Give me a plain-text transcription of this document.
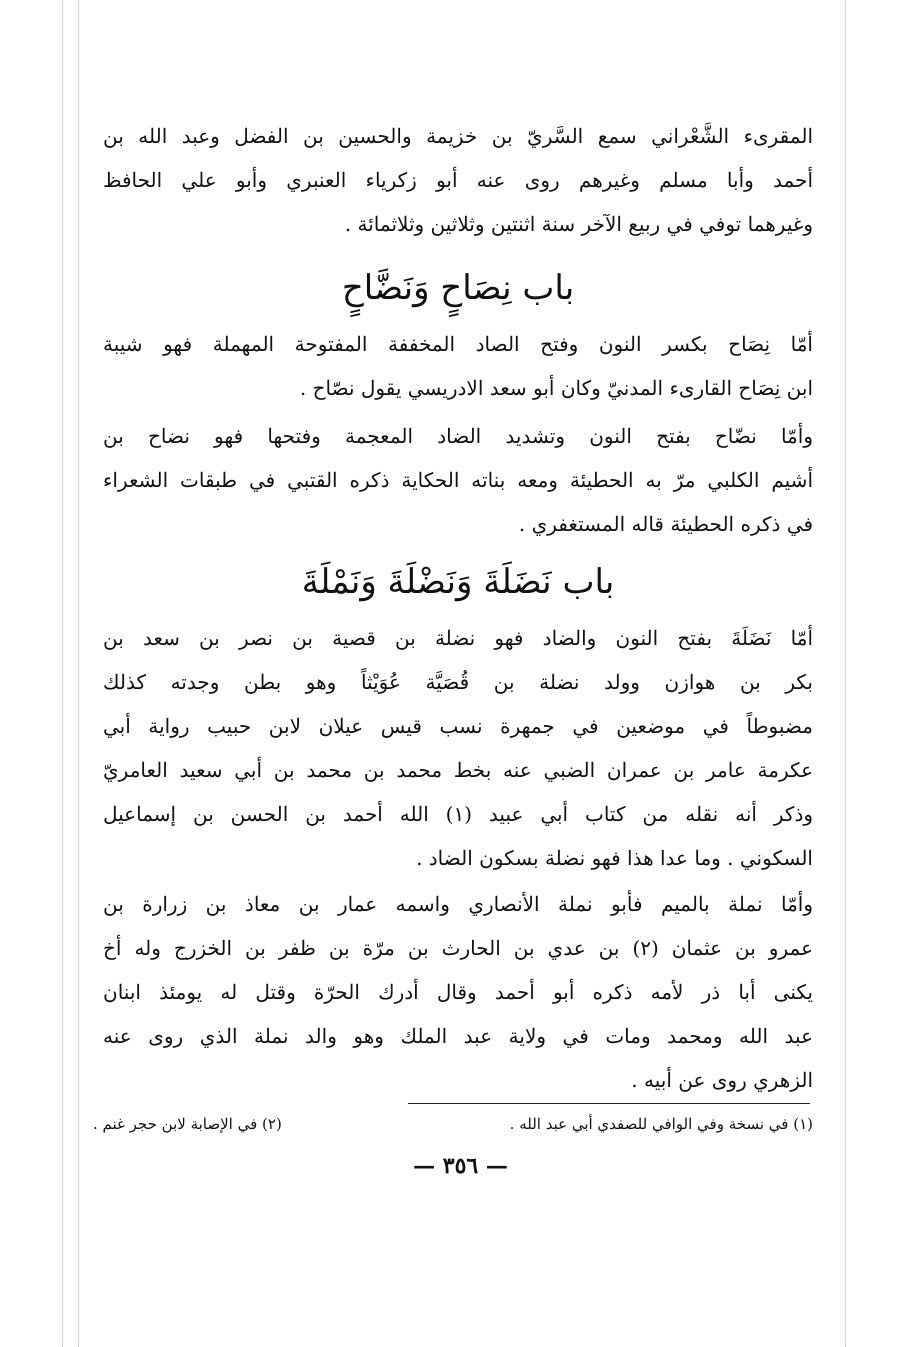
المقرىء الشَّعْراني سمع السَّريّ بن خزيمة والحسين بن الفضل وعبد الله بن
أحمد وأبا مسلم وغيرهم روى عنه أبو زكرياء العنبري وأبو علي الحافظ
وغيرهما توفي في ربيع الآخر سنة اثنتين وثلاثين وثلاثمائة .

باب نِصَاحٍ وَنَضَّاحٍ

أمّا نِصَاح بكسر النون وفتح الصاد المخففة المفتوحة المهملة فهو شيبة
ابن نِصَاح القارىء المدنيّ وكان أبو سعد الادريسي يقول نصّاح .

وأمّا نضّاح بفتح النون وتشديد الضاد المعجمة وفتحها فهو نضاح بن
أشيم الكلبي مرّ به الحطيئة ومعه بناته الحكاية ذكره القتبي في طبقات الشعراء
في ذكره الحطيئة قاله المستغفري .

باب نَضَلَةَ وَنَضْلَةَ وَنَمْلَةَ

أمّا نَضَلَةَ بفتح النون والضاد فهو نضلة بن قصية بن نصر بن سعد بن
بكر بن هوازن وولد نضلة بن قُصَيَّة عُوَيْثاً وهو بطن وجدته كذلك
مضبوطاً في موضعين في جمهرة نسب قيس عيلان لابن حبيب رواية أبي
عكرمة عامر بن عمران الضبي عنه بخط محمد بن محمد بن أبي سعيد العامريّ
وذكر أنه نقله من كتاب أبي عبيد (١) الله أحمد بن الحسن بن إسماعيل
السكوني . وما عدا هذا فهو نضلة بسكون الضاد .

وأمّا نملة بالميم فأبو نملة الأنصاري واسمه عمار بن معاذ بن زرارة بن
عمرو بن عثمان (٢) بن عدي بن الحارث بن مرّة بن ظفر بن الخزرج وله أخ
يكنى أبا ذر لأمه ذكره أبو أحمد وقال أدرك الحرّة وقتل له يومئذ ابنان
عبد الله ومحمد ومات في ولاية عبد الملك وهو والد نملة الذي روى عنه
الزهري روى عن أبيه .

(١) في نسخة وفي الوافي للصفدي أبي عبد الله .
(٢) في الإصابة لابن حجر غنم .
— ٣٥٦ —
